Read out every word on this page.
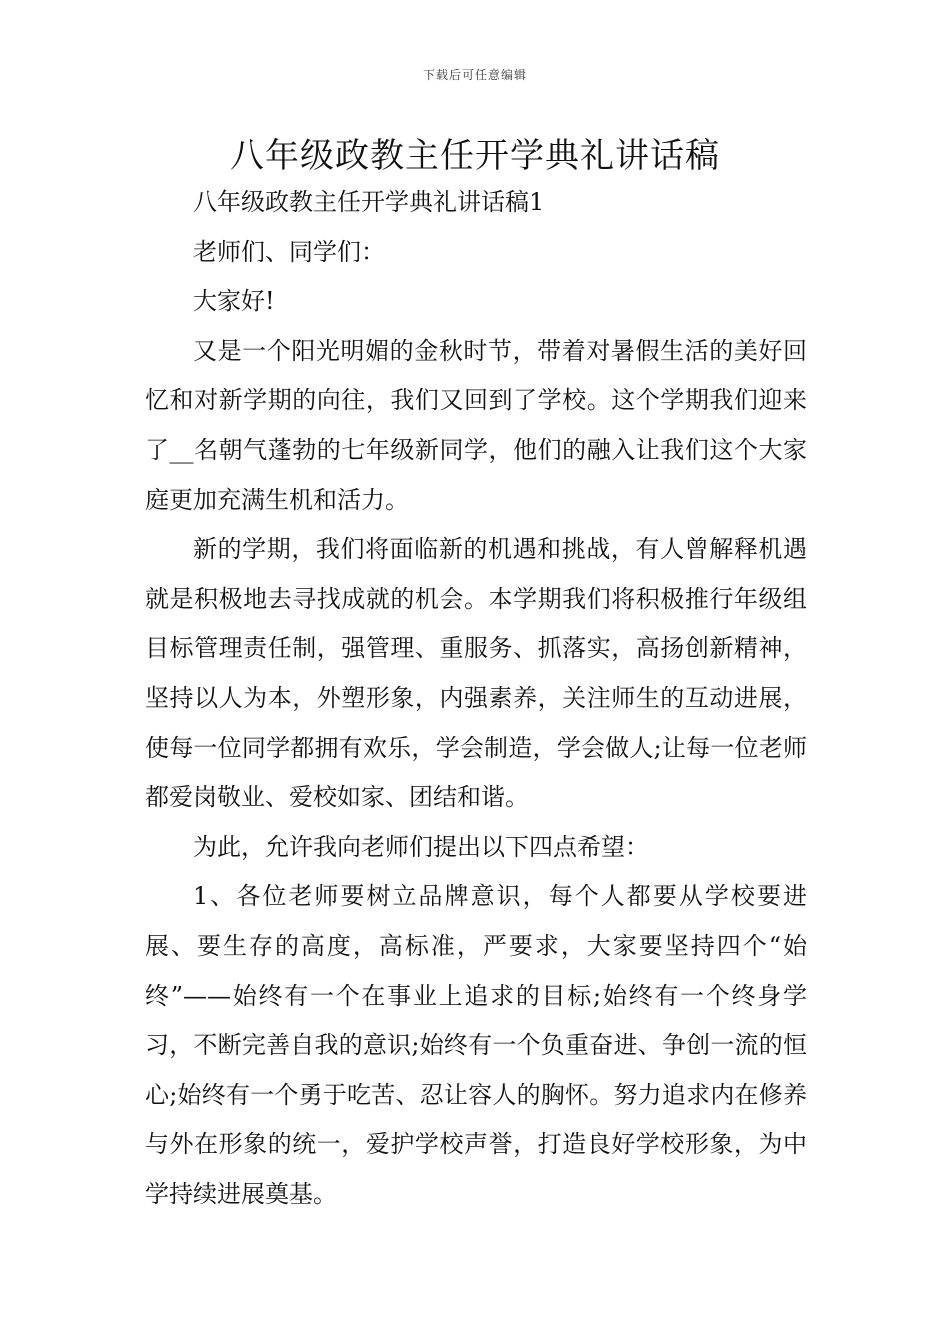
下载后可任意编辑
八年级政教主任开学典礼讲话稿

八年级政教主任开学典礼讲话稿1

老师们、同学们：

大家好!

又是一个阳光明媚的金秋时节，带着对暑假生活的美好回忆和对新学期的向往，我们又回到了学校。这个学期我们迎来了__名朝气蓬勃的七年级新同学，他们的融入让我们这个大家庭更加充满生机和活力。

新的学期，我们将面临新的机遇和挑战，有人曾解释机遇就是积极地去寻找成就的机会。本学期我们将积极推行年级组目标管理责任制，强管理、重服务、抓落实，高扬创新精神，坚持以人为本，外塑形象，内强素养，关注师生的互动进展，使每一位同学都拥有欢乐，学会制造，学会做人;让每一位老师都爱岗敬业、爱校如家、团结和谐。

为此，允许我向老师们提出以下四点希望：

1、各位老师要树立品牌意识，每个人都要从学校要进展、要生存的高度，高标准，严要求，大家要坚持四个“始终”——始终有一个在事业上追求的目标;始终有一个终身学习，不断完善自我的意识;始终有一个负重奋进、争创一流的恒心;始终有一个勇于吃苦、忍让容人的胸怀。努力追求内在修养与外在形象的统一，爱护学校声誉，打造良好学校形象，为中学持续进展奠基。
